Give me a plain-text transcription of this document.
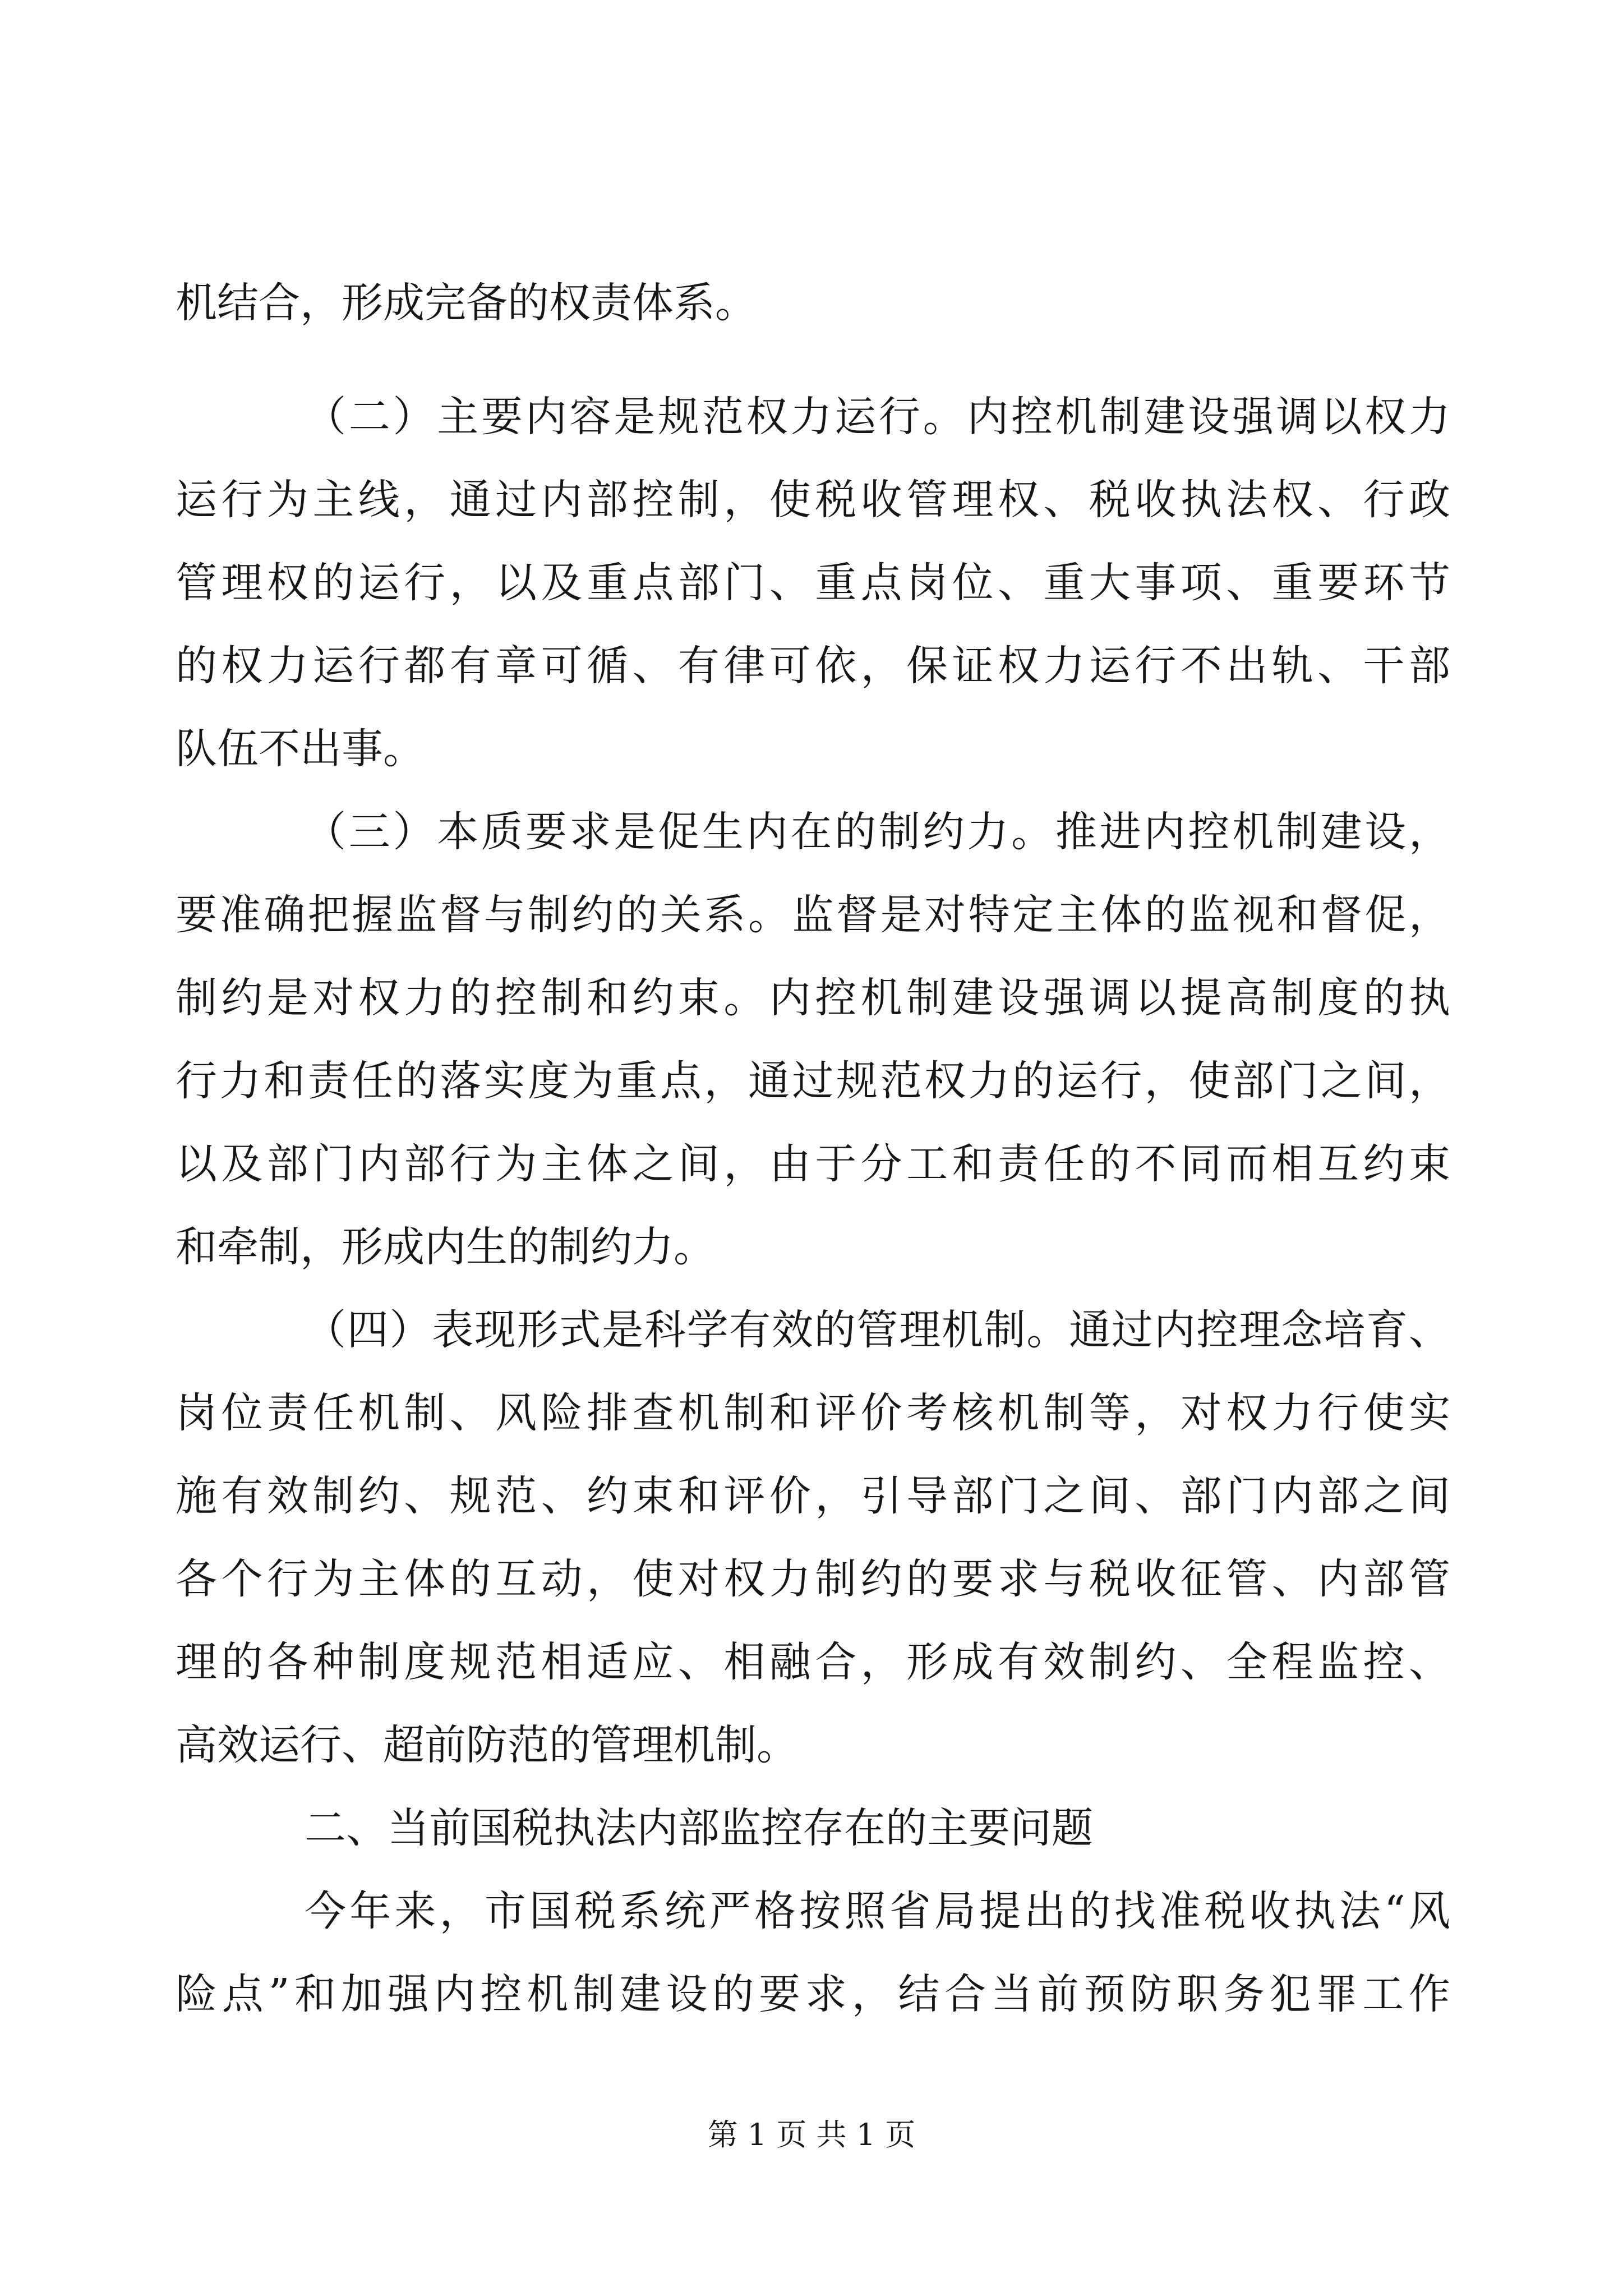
机结合，形成完备的权责体系。
（二）主要内容是规范权力运行。内控机制建设强调以权力
运行为主线，通过内部控制，使税收管理权、税收执法权、行政
管理权的运行，以及重点部门、重点岗位、重大事项、重要环节
的权力运行都有章可循、有律可依，保证权力运行不出轨、干部
队伍不出事。
（三）本质要求是促生内在的制约力。推进内控机制建设，
要准确把握监督与制约的关系。监督是对特定主体的监视和督促，
制约是对权力的控制和约束。内控机制建设强调以提高制度的执
行力和责任的落实度为重点，通过规范权力的运行，使部门之间，
以及部门内部行为主体之间，由于分工和责任的不同而相互约束
和牵制，形成内生的制约力。
（四）表现形式是科学有效的管理机制。通过内控理念培育、
岗位责任机制、风险排查机制和评价考核机制等，对权力行使实
施有效制约、规范、约束和评价，引导部门之间、部门内部之间
各个行为主体的互动，使对权力制约的要求与税收征管、内部管
理的各种制度规范相适应、相融合，形成有效制约、全程监控、
高效运行、超前防范的管理机制。
二、当前国税执法内部监控存在的主要问题
今年来，市国税系统严格按照省局提出的找准税收执法“风
险点”和加强内控机制建设的要求，结合当前预防职务犯罪工作
第 1 页 共 1 页
